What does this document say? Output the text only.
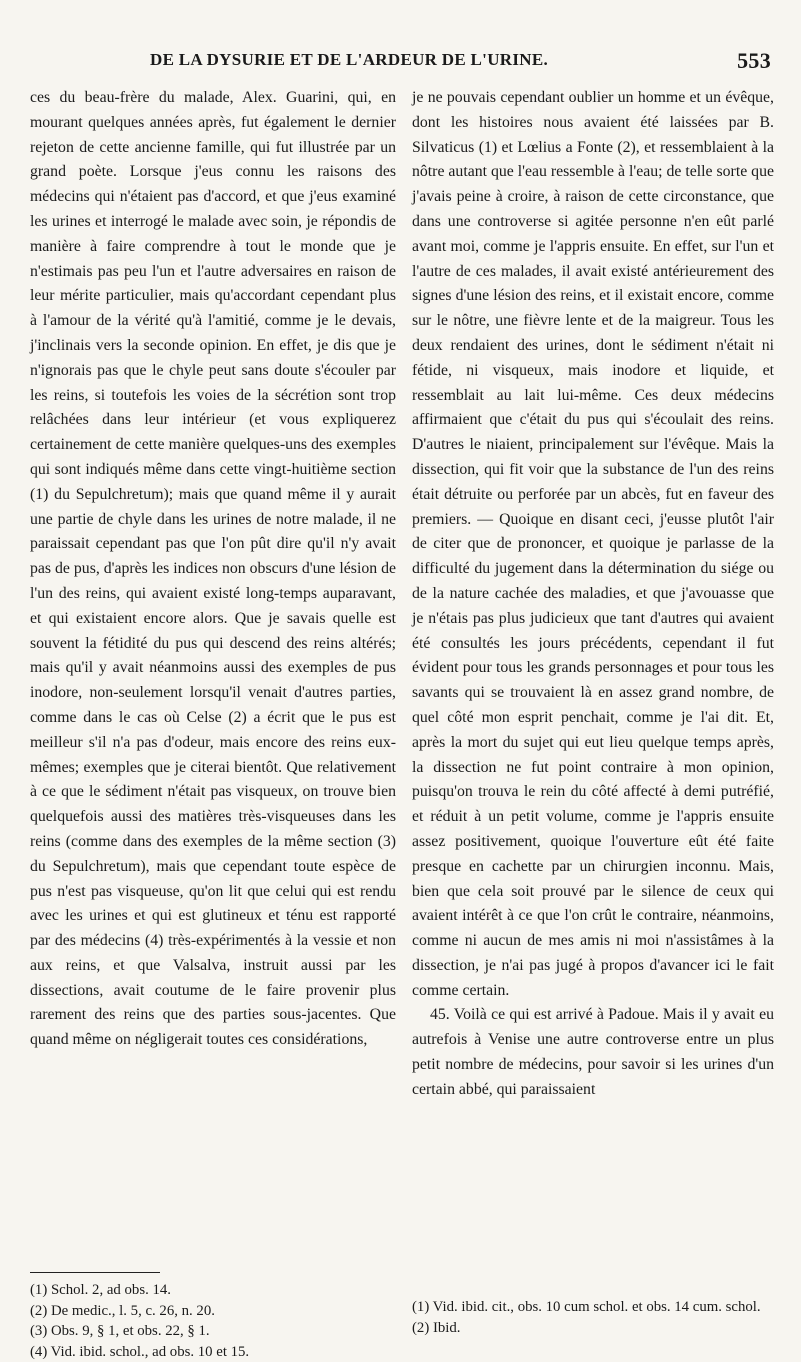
DE LA DYSURIE ET DE L'ARDEUR DE L'URINE.	553

ces du beau-frère du malade, Alex. Guarini, qui, en mourant quelques années après, fut également le dernier rejeton de cette ancienne famille, qui fut illustrée par un grand poète. Lorsque j'eus connu les raisons des médecins qui n'étaient pas d'accord, et que j'eus examiné les urines et interrogé le malade avec soin, je répondis de manière à faire comprendre à tout le monde que je n'estimais pas peu l'un et l'autre adversaires en raison de leur mérite particulier, mais qu'accordant cependant plus à l'amour de la vérité qu'à l'amitié, comme je le devais, j'inclinais vers la seconde opinion. En effet, je dis que je n'ignorais pas que le chyle peut sans doute s'écouler par les reins, si toutefois les voies de la sécrétion sont trop relâchées dans leur intérieur (et vous expliquerez certainement de cette manière quelques-uns des exemples qui sont indiqués même dans cette vingt-huitième section (1) du Sepulchretum); mais que quand même il y aurait une partie de chyle dans les urines de notre malade, il ne paraissait cependant pas que l'on pût dire qu'il n'y avait pas de pus, d'après les indices non obscurs d'une lésion de l'un des reins, qui avaient existé long-temps auparavant, et qui existaient encore alors. Que je savais quelle est souvent la fétidité du pus qui descend des reins altérés; mais qu'il y avait néanmoins aussi des exemples de pus inodore, non-seulement lorsqu'il venait d'autres parties, comme dans le cas où Celse (2) a écrit que le pus est meilleur s'il n'a pas d'odeur, mais encore des reins eux-mêmes; exemples que je citerai bientôt. Que relativement à ce que le sédiment n'était pas visqueux, on trouve bien quelquefois aussi des matières très-visqueuses dans les reins (comme dans des exemples de la même section (3) du Sepulchretum), mais que cependant toute espèce de pus n'est pas visqueuse, qu'on lit que celui qui est rendu avec les urines et qui est glutineux et ténu est rapporté par des médecins (4) très-expérimentés à la vessie et non aux reins, et que Valsalva, instruit aussi par les dissections, avait coutume de le faire provenir plus rarement des reins que des parties sous-jacentes. Que quand même on négligerait toutes ces considérations,

je ne pouvais cependant oublier un homme et un évêque, dont les histoires nous avaient été laissées par B. Silvaticus (1) et Lœlius a Fonte (2), et ressemblaient à la nôtre autant que l'eau ressemble à l'eau; de telle sorte que j'avais peine à croire, à raison de cette circonstance, que dans une controverse si agitée personne n'en eût parlé avant moi, comme je l'appris ensuite. En effet, sur l'un et l'autre de ces malades, il avait existé antérieurement des signes d'une lésion des reins, et il existait encore, comme sur le nôtre, une fièvre lente et de la maigreur. Tous les deux rendaient des urines, dont le sédiment n'était ni fétide, ni visqueux, mais inodore et liquide, et ressemblait au lait lui-même. Ces deux médecins affirmaient que c'était du pus qui s'écoulait des reins. D'autres le niaient, principalement sur l'évêque. Mais la dissection, qui fit voir que la substance de l'un des reins était détruite ou perforée par un abcès, fut en faveur des premiers. — Quoique en disant ceci, j'eusse plutôt l'air de citer que de prononcer, et quoique je parlasse de la difficulté du jugement dans la détermination du siége ou de la nature cachée des maladies, et que j'avouasse que je n'étais pas plus judicieux que tant d'autres qui avaient été consultés les jours précédents, cependant il fut évident pour tous les grands personnages et pour tous les savants qui se trouvaient là en assez grand nombre, de quel côté mon esprit penchait, comme je l'ai dit. Et, après la mort du sujet qui eut lieu quelque temps après, la dissection ne fut point contraire à mon opinion, puisqu'on trouva le rein du côté affecté à demi putréfié, et réduit à un petit volume, comme je l'appris ensuite assez positivement, quoique l'ouverture eût été faite presque en cachette par un chirurgien inconnu. Mais, bien que cela soit prouvé par le silence de ceux qui avaient intérêt à ce que l'on crût le contraire, néanmoins, comme ni aucun de mes amis ni moi n'assistâmes à la dissection, je n'ai pas jugé à propos d'avancer ici le fait comme certain.

45. Voilà ce qui est arrivé à Padoue. Mais il y avait eu autrefois à Venise une autre controverse entre un plus petit nombre de médecins, pour savoir si les urines d'un certain abbé, qui paraissaient

(1) Schol. 2, ad obs. 14.
(2) De medic., l. 5, c. 26, n. 20.
(3) Obs. 9, § 1, et obs. 22, § 1.
(4) Vid. ibid. schol., ad obs. 10 et 15.
(1) Vid. ibid. cit., obs. 10 cum schol. et obs. 14 cum. schol.
(2) Ibid.
